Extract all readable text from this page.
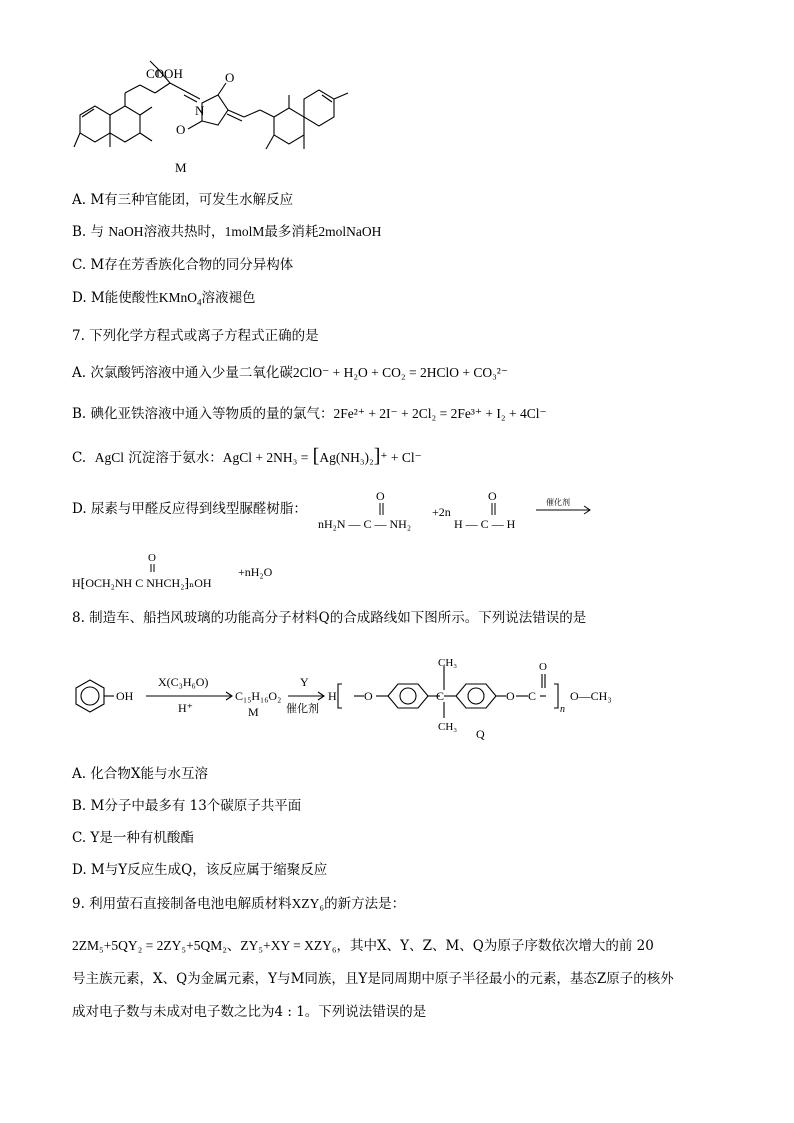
COOH
N
O
O
M
A. M有三种官能团，可发生水解反应
B. 与 NaOH溶液共热时，1molM最多消耗2molNaOH
C. M存在芳香族化合物的同分异构体
D. M能使酸性KMnO$_4$溶液褪色
7. 下列化学方程式或离子方程式正确的是
A. 次氯酸钙溶液中通入少量二氧化碳2ClO⁻ + H₂O + CO₂ = 2HClO + CO₃²⁻
B. 碘化亚铁溶液中通入等物质的量的氯气：2Fe²⁺ + 2I⁻ + 2Cl₂ = 2Fe³⁺ + I₂ + 4Cl⁻
C. AgCl 沉淀溶于氨水：AgCl + 2NH₃ = [Ag(NH₃)₂]⁺ + Cl⁻
D. 尿素与甲醛反应得到线型脲醛树脂：
O
nH₂N — C — NH₂
+2n
O
H — C — H
催化剂
O
H⁅OCH₂NH C NHCH₂⁆ₙOH
+nH₂O
8. 制造车、船挡风玻璃的功能高分子材料Q的合成路线如下图所示。下列说法错误的是
OH
X(C₃H₆O)
H⁺
C₁₅H₁₆O₂
M
Y
催化剂
H O	C
CH₃
CH₃
O C
O
n
O—CH₃
Q
A. 化合物X能与水互溶
B. M分子中最多有 13个碳原子共平面
C. Y是一种有机酸酯
D. M与Y反应生成Q，该反应属于缩聚反应
9. 利用萤石直接制备电池电解质材料XZY₆的新方法是：
2ZM₅+5QY₂ = 2ZY₅+5QM₂、ZY₅+XY = XZY₆，其中X、Y、Z、M、Q为原子序数依次增大的前 20
号主族元素，X、Q为金属元素，Y与M同族，且Y是同周期中原子半径最小的元素，基态Z原子的核外
成对电子数与未成对电子数之比为4 : 1。下列说法错误的是
